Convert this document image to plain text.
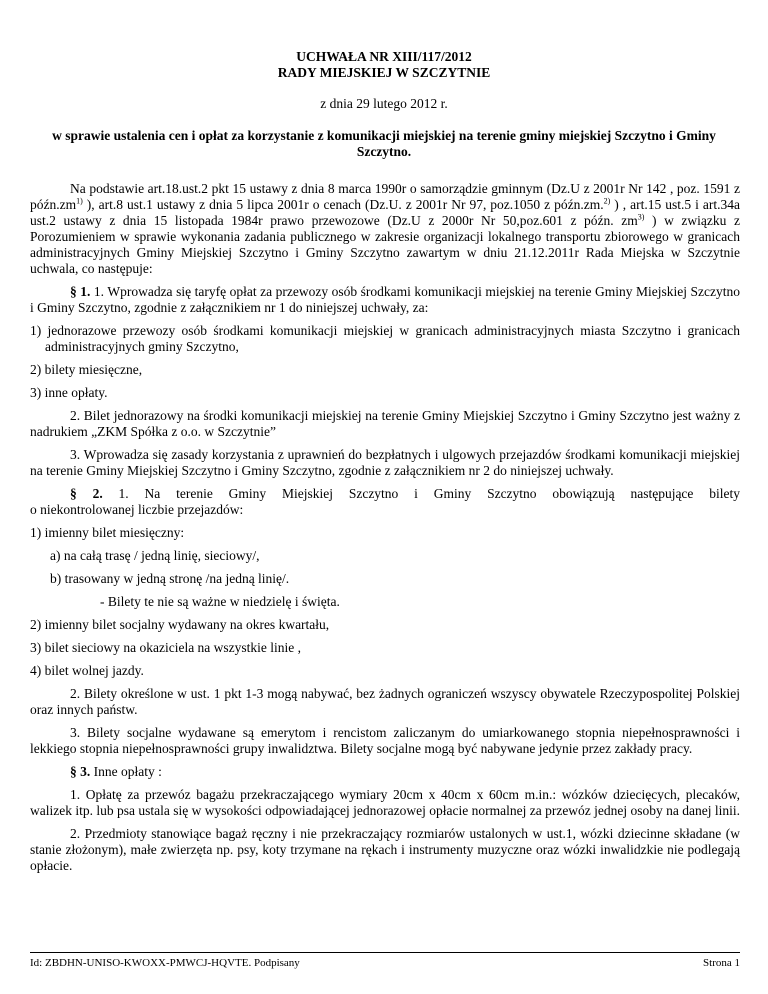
UCHWAŁA NR XIII/117/2012
RADY MIEJSKIEJ W SZCZYTNIE
z dnia 29 lutego 2012 r.
w sprawie ustalenia cen i opłat za korzystanie z komunikacji miejskiej na terenie gminy miejskiej Szczytno i Gminy Szczytno.

Na podstawie art.18.ust.2 pkt 15 ustawy z dnia 8 marca 1990r o samorządzie gminnym (Dz.U z 2001r Nr 142 , poz. 1591 z $późn.zm^{1)}$ ), art.8 ust.1 ustawy z dnia 5 lipca 2001r o cenach (Dz.U. z 2001r Nr 97, poz.1050 z późn.zm.$^{2)}$ ) , art.15 ust.5 i art.34a ust.2 ustawy z dnia 15 listopada 1984r prawo przewozowe (Dz.U z 2000r Nr 50,poz.601 z późn. $zm^{3)}$ ) w związku z Porozumieniem w sprawie wykonania zadania publicznego w zakresie organizacji lokalnego transportu zbiorowego w granicach administracyjnych Gminy Miejskiej Szczytno i Gminy Szczytno zawartym w dniu 21.12.2011r Rada Miejska w Szczytnie uchwala, co następuje:

§ 1. 1. Wprowadza się taryfę opłat za przewozy osób środkami komunikacji miejskiej na terenie Gminy Miejskiej Szczytno i Gminy Szczytno, zgodnie z załącznikiem nr 1 do niniejszej uchwały, za:

1) jednorazowe przewozy osób środkami komunikacji miejskiej w granicach administracyjnych miasta Szczytno i granicach administracyjnych gminy Szczytno,

2) bilety miesięczne,

3) inne opłaty.

2. Bilet jednorazowy na środki komunikacji miejskiej na terenie Gminy Miejskiej Szczytno i Gminy Szczytno jest ważny z nadrukiem „ZKM Spółka z o.o. w Szczytnie”

3. Wprowadza się zasady korzystania z uprawnień do bezpłatnych i ulgowych przejazdów środkami komunikacji miejskiej na terenie Gminy Miejskiej Szczytno i Gminy Szczytno, zgodnie z załącznikiem nr 2 do niniejszej uchwały.

§ 2. 1. Na terenie Gminy Miejskiej Szczytno i Gminy Szczytno obowiązują następujące bilety

o niekontrolowanej liczbie przejazdów:

1) imienny bilet miesięczny:

a) na całą trasę / jedną linię, sieciowy/,

b) trasowany w jedną stronę /na jedną linię/.

- Bilety te nie są ważne w niedzielę i święta.

2) imienny bilet socjalny wydawany na okres kwartału,

3) bilet sieciowy na okaziciela na wszystkie linie ,

4) bilet wolnej jazdy.

2. Bilety określone w ust. 1 pkt 1-3 mogą nabywać, bez żadnych ograniczeń wszyscy obywatele Rzeczypospolitej Polskiej oraz innych państw.

3. Bilety socjalne wydawane są emerytom i rencistom zaliczanym do umiarkowanego stopnia niepełnosprawności i lekkiego stopnia niepełnosprawności grupy inwalidztwa. Bilety socjalne mogą być nabywane jedynie przez zakłady pracy.

§ 3. Inne opłaty :

1. Opłatę za przewóz bagażu przekraczającego wymiary 20cm x 40cm x 60cm m.in.: wózków dziecięcych, plecaków, walizek itp. lub psa ustala się w wysokości odpowiadającej jednorazowej opłacie normalnej za przewóz jednej osoby na danej linii.

2. Przedmioty stanowiące bagaż ręczny i nie przekraczający rozmiarów ustalonych w ust.1, wózki dziecinne składane (w stanie złożonym), małe zwierzęta np. psy, koty trzymane na rękach i instrumenty muzyczne oraz wózki inwalidzkie nie podlegają opłacie.

Id: ZBDHN-UNISO-KWOXX-PMWCJ-HQVTE. Podpisany	Strona 1
